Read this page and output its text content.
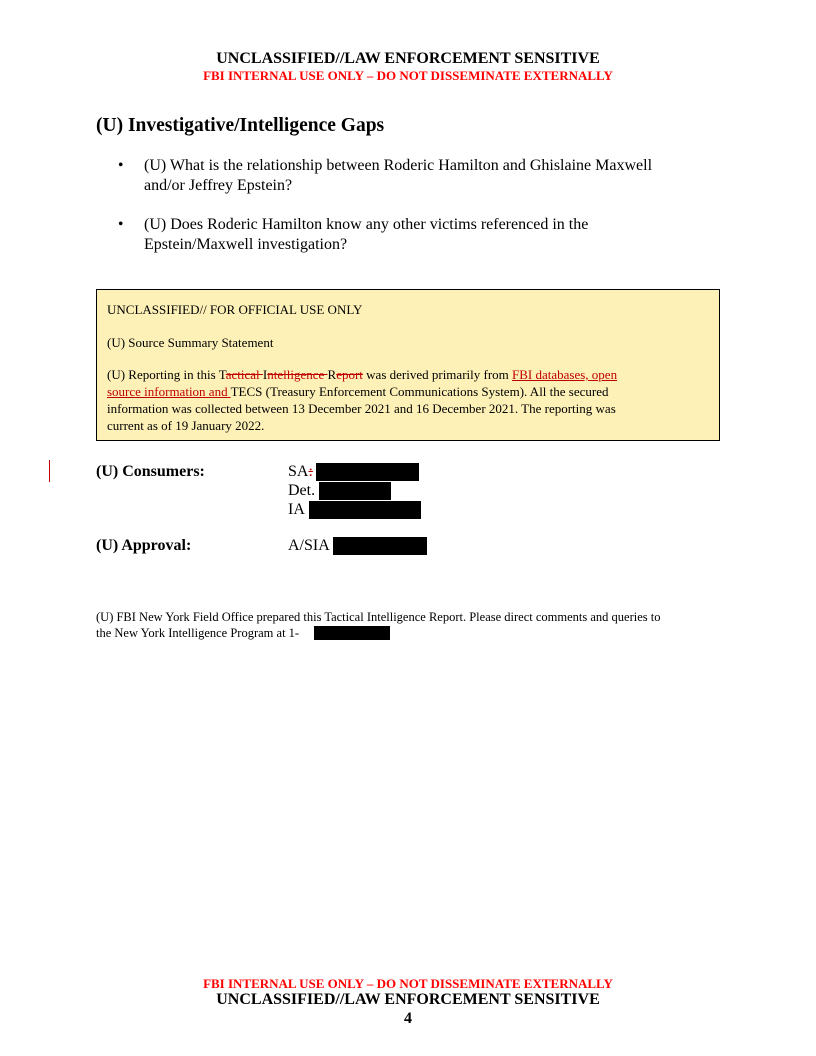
UNCLASSIFIED//LAW ENFORCEMENT SENSITIVE
FBI INTERNAL USE ONLY – DO NOT DISSEMINATE EXTERNALLY
(U) Investigative/Intelligence Gaps
• (U) What is the relationship between Roderic Hamilton and Ghislaine Maxwell
and/or Jeffrey Epstein?
• (U) Does Roderic Hamilton know any other victims referenced in the
Epstein/Maxwell investigation?
UNCLASSIFIED// FOR OFFICIAL USE ONLY
(U) Source Summary Statement
(U) Reporting in this Tactical Intelligence Report was derived primarily from FBI databases, open
source information and TECS (Treasury Enforcement Communications System). All the secured
information was collected between 13 December 2021 and 16 December 2021. The reporting was
current as of 19 January 2022.
(U) Consumers:	SA:
Det.
IA
(U) Approval:	A/SIA
(U) FBI New York Field Office prepared this Tactical Intelligence Report. Please direct comments and queries to
the New York Intelligence Program at 1-
FBI INTERNAL USE ONLY – DO NOT DISSEMINATE EXTERNALLY
UNCLASSIFIED//LAW ENFORCEMENT SENSITIVE
4
